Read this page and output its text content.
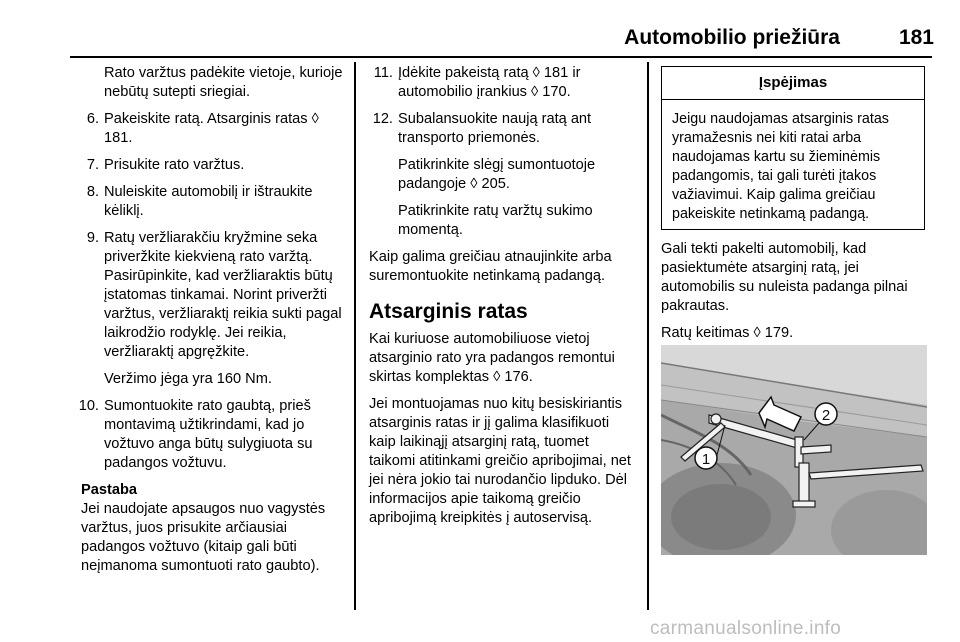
Automobilio priežiūra	181

Rato varžtus padėkite vietoje, kurioje nebūtų sutepti sriegiai.

6. Pakeiskite ratą. Atsarginis ratas ◊ 181.
7. Prisukite rato varžtus.
8. Nuleiskite automobilį ir ištraukite kėliklį.
9. Ratų veržliarakčiu kryžmine seka priveržkite kiekvieną rato varžtą. Pasirūpinkite, kad veržliaraktis būtų įstatomas tinkamai. Norint priveržti varžtus, veržliaraktį reikia sukti pagal laikrodžio rodyklę. Jei reikia, veržliaraktį apgręžkite.

Veržimo jėga yra 160 Nm.

10. Sumontuokite rato gaubtą, prieš montavimą užtikrindami, kad jo vožtuvo anga būtų sulygiuota su padangos vožtuvu.
Pastaba
Jei naudojate apsaugos nuo vagystės varžtus, juos prisukite arčiausiai padangos vožtuvo (kitaip gali būti neįmanoma sumontuoti rato gaubto).
11. Įdėkite pakeistą ratą ◊ 181 ir automobilio įrankius ◊ 170.
12. Subalansuokite naują ratą ant transporto priemonės.

Patikrinkite slėgį sumontuotoje padangoje ◊ 205.

Patikrinkite ratų varžtų sukimo momentą.

Kaip galima greičiau atnaujinkite arba suremontuokite netinkamą padangą.

Atsarginis ratas

Kai kuriuose automobiliuose vietoj atsarginio rato yra padangos remontui skirtas komplektas ◊ 176.

Jei montuojamas nuo kitų besiskiriantis atsarginis ratas ir jį galima klasifikuoti kaip laikinąjį atsarginį ratą, tuomet taikomi atitinkami greičio apribojimai, net jei nėra jokio tai nurodančio lipduko. Dėl informacijos apie taikomą greičio apribojimą kreipkitės į autoservisą.

Įspėjimas
Jeigu naudojamas atsarginis ratas yramažesnis nei kiti ratai arba naudojamas kartu su žieminėmis padangomis, tai gali turėti įtakos važiavimui. Kaip galima greičiau pakeiskite netinkamą padangą.

Gali tekti pakelti automobilį, kad pasiektumėte atsarginį ratą, jei automobilis su nuleista padanga pilnai pakrautas.

Ratų keitimas ◊ 179.

1
2
carmanualsonline.info
